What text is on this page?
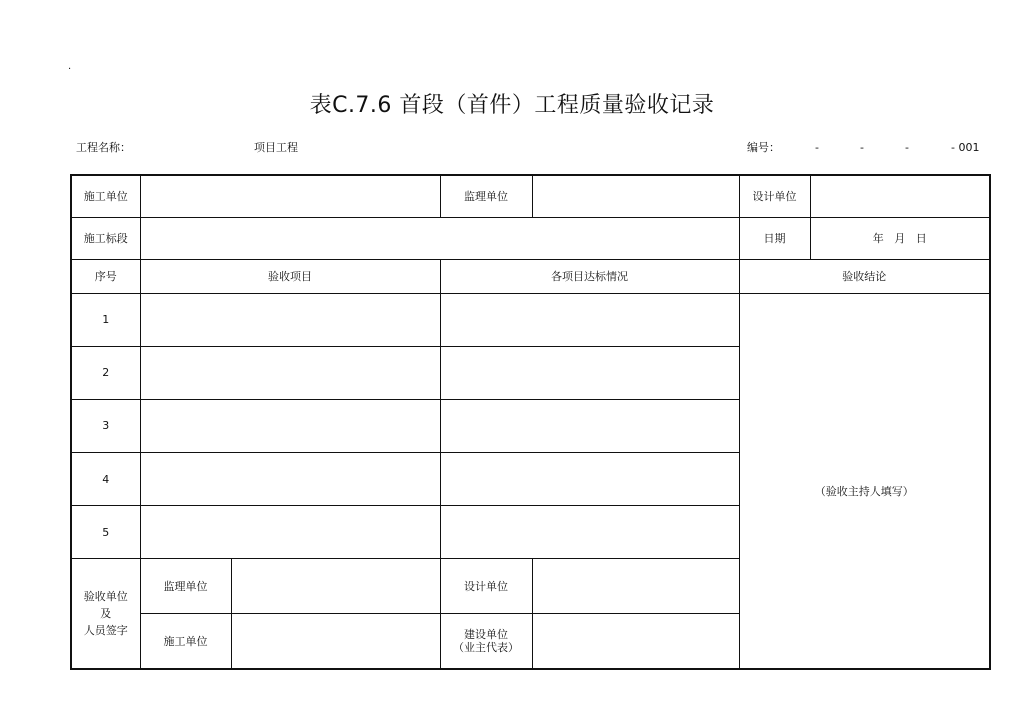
.
表C.7.6 首段（首件）工程质量验收记录
工程名称：	项目工程	编号：	-	-	-	- 001
施工单位			监理单位		设计单位

施工标段					日期 年   月   日

序号	验收项目		各项目达标情况		验收结论
1					（验收主持人填写）
2					
3					
4					
5					

验收单位
及
人员签字	监理单位		设计单位		
	施工单位		建设单位
（业主代表）		
